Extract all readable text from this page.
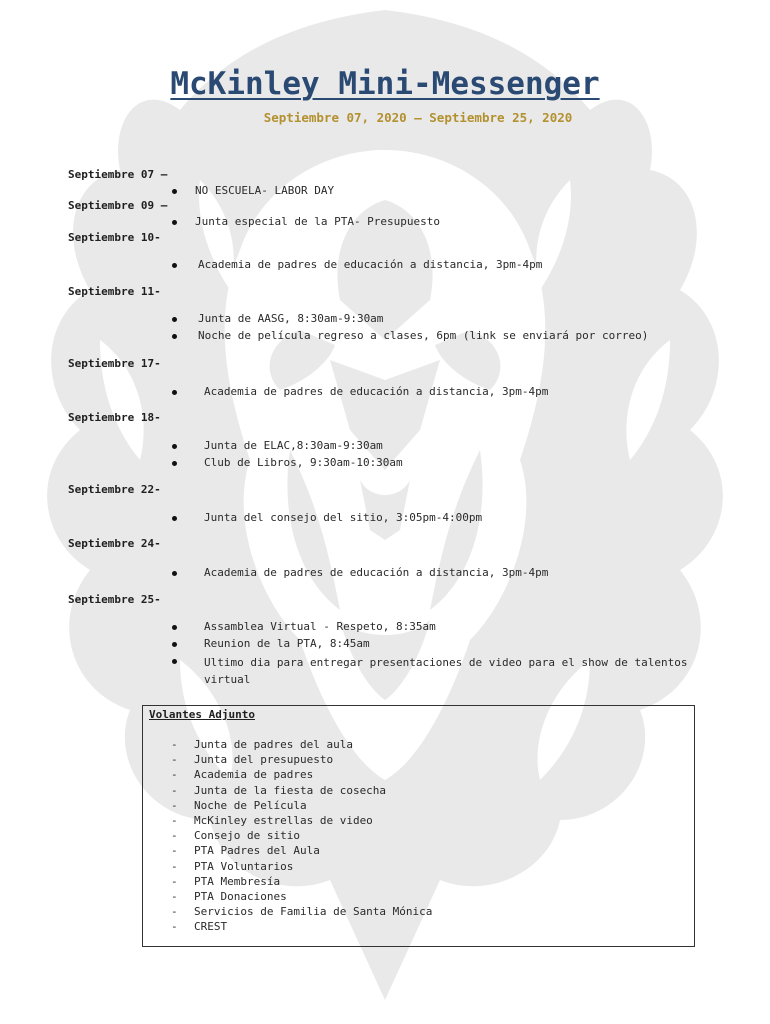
McKinley Mini-Messenger
Septiembre 07, 2020 – Septiembre 25, 2020
Septiembre 07 –
NO ESCUELA- LABOR DAY
Septiembre 09 –
Junta especial de la PTA- Presupuesto
Septiembre 10-
Academia de padres de educación a distancia, 3pm-4pm
Septiembre 11-
Junta de AASG, 8:30am-9:30am
Noche de película regreso a clases, 6pm (link se enviará por correo)
Septiembre 17-
Academia de padres de educación a distancia, 3pm-4pm
Septiembre 18-
Junta de ELAC,8:30am-9:30am
Club de Libros, 9:30am-10:30am
Septiembre 22-
Junta del consejo del sitio, 3:05pm-4:00pm
Septiembre 24-
Academia de padres de educación a distancia, 3pm-4pm
Septiembre 25-
Assamblea Virtual - Respeto, 8:35am
Reunion de la PTA, 8:45am
Ultimo dia para entregar presentaciones de video para el show de talentos virtual
Volantes Adjunto
- Junta de padres del aula
- Junta del presupuesto
- Academia de padres
- Junta de la fiesta de cosecha
- Noche de Película
- McKinley estrellas de video
- Consejo de sitio
- PTA Padres del Aula
- PTA Voluntarios
- PTA Membresía
- PTA Donaciones
- Servicios de Familia de Santa Mónica
- CREST
